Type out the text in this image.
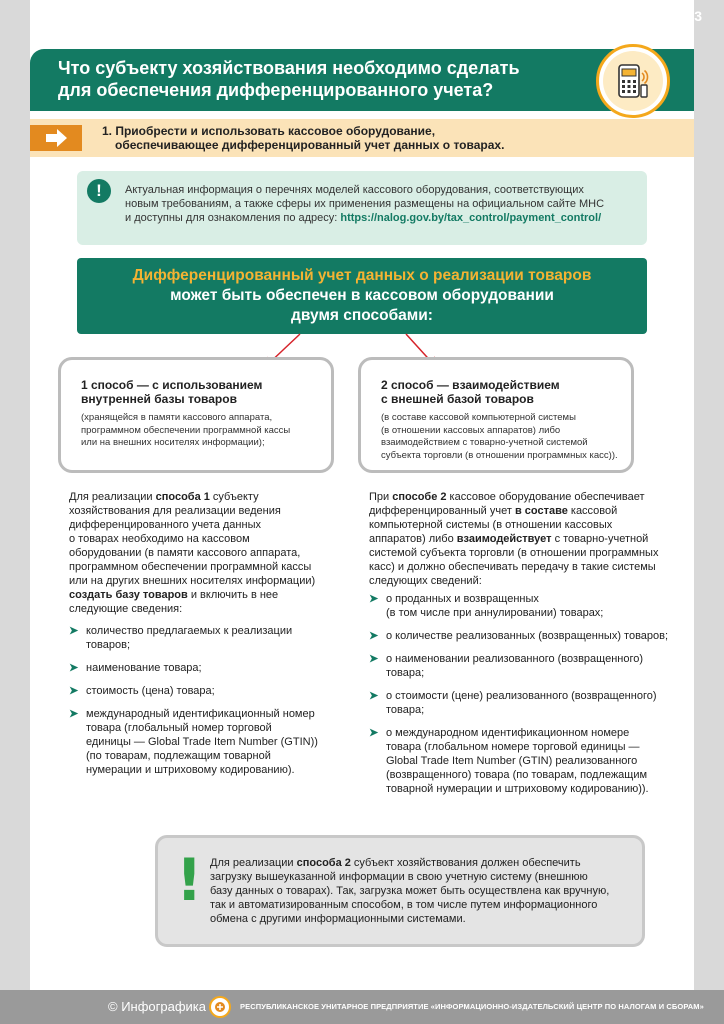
2/3
Что субъекту хозяйствования необходимо сделать
для обеспечения дифференцированного учета?
1. Приобрести и использовать кассовое оборудование,
обеспечивающее дифференцированный учет данных о товарах.
!	Актуальная информация о перечнях моделей кассового оборудования, соответствующих
новым требованиям, а также сферы их применения размещены на официальном сайте МНС
и доступны для ознакомления по адресу: https://nalog.gov.by/tax_control/payment_control/
Дифференцированный учет данных о реализации товаров
может быть обеспечен в кассовом оборудовании
двумя способами:
1 способ — с использованием
внутренней базы товаров
(хранящейся в памяти кассового аппарата,
программном обеспечении программной кассы
или на внешних носителях информации);
2 способ — взаимодействием
с внешней базой товаров
(в составе кассовой компьютерной системы
(в отношении кассовых аппаратов) либо
взаимодействием с товарно-учетной системой
субъекта торговли (в отношении программных касс)).

Для реализации способа 1 субъекту

хозяйствования для реализации ведения

дифференцированного учета данных

о товарах необходимо на кассовом

оборудовании (в памяти кассового аппарата,

программном обеспечении программной кассы

или на других внешних носителях информации)

создать базу товаров и включить в нее

следующие сведения:

➤ количество предлагаемых к реализации
товаров;
➤ наименование товара;
➤ стоимость (цена) товара;
➤ международный идентификационный номер
товара (глобальный номер торговой
единицы — Global Trade Item Number (GTIN))
(по товарам, подлежащим товарной
нумерации и штриховому кодированию).

При способе 2 кассовое оборудование обеспечивает

дифференцированный учет в составе кассовой

компьютерной системы (в отношении кассовых

аппаратов) либо взаимодействует с товарно-учетной

системой субъекта торговли (в отношении программных

касс) и должно обеспечивать передачу в такие системы

следующих сведений:

➤ о проданных и возвращенных
(в том числе при аннулировании) товарах;
➤ о количестве реализованных (возвращенных) товаров;
➤ о наименовании реализованного (возвращенного)
товара;
➤ о стоимости (цене) реализованного (возвращенного)
товара;
➤ о международном идентификационном номере
товара (глобальном номере торговой единицы —
Global Trade Item Number (GTIN) реализованного
(возвращенного) товара (по товарам, подлежащим
товарной нумерации и штриховому кодированию)).
! Для реализации способа 2 субъект хозяйствования должен обеспечить

загрузку вышеуказанной информации в свою учетную систему (внешнюю

базу данных о товарах). Так, загрузка может быть осуществлена как вручную,

так и автоматизированным способом, в том числе путем информационного

обмена с другими информационными системами.

© Инфографика	РЕСПУБЛИКАНСКОЕ УНИТАРНОЕ ПРЕДПРИЯТИЕ «ИНФОРМАЦИОННО-ИЗДАТЕЛЬСКИЙ ЦЕНТР ПО НАЛОГАМ И СБОРАМ»
